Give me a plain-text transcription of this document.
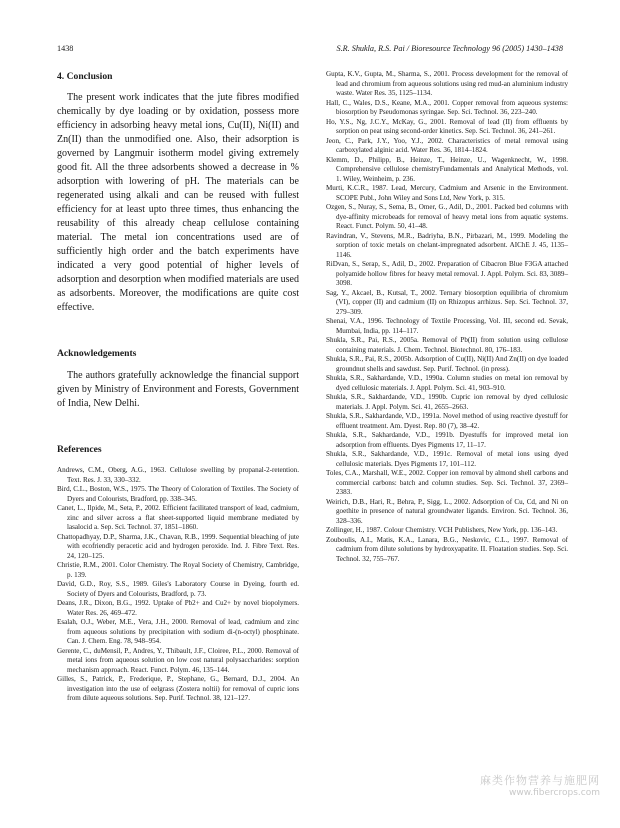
1438	S.R. Shukla, R.S. Pai / Bioresource Technology 96 (2005) 1430–1438
4. Conclusion

The present work indicates that the jute fibres modified chemically by dye loading or by oxidation, possess more efficiency in adsorbing heavy metal ions, Cu(II), Ni(II) and Zn(II) than the unmodified one. Also, their adsorption is governed by Langmuir isotherm model giving extremely good fit. All the three adsorbents showed a decrease in % adsorption with lowering of pH. The materials can be regenerated using alkali and can be reused with fullest efficiency for at least upto three times, thus enhancing the reusability of this already cheap cellulose containing material. The metal ion concentrations used are of sufficiently high order and the batch experiments have indicated a very good potential of higher levels of adsorption and desorption when modified materials are used as adsorbents. Moreover, the modifications are quite cost effective.

Acknowledgements

The authors gratefully acknowledge the financial support given by Ministry of Environment and Forests, Government of India, New Delhi.

References

Andrews, C.M., Oberg, A.G., 1963. Cellulose swelling by propanal-2-retention. Text. Res. J. 33, 330–332.

Bird, C.L., Boston, W.S., 1975. The Theory of Coloration of Textiles. The Society of Dyers and Colourists, Bradford, pp. 338–345.

Canet, L., Ilpide, M., Seta, P., 2002. Efficient facilitated transport of lead, cadmium, zinc and silver across a flat sheet-supported liquid membrane mediated by lasalocid a. Sep. Sci. Technol. 37, 1851–1860.

Chattopadhyay, D.P., Sharma, J.K., Chavan, R.B., 1999. Sequential bleaching of jute with ecofriendly peracetic acid and hydrogen peroxide. Ind. J. Fibre Text. Res. 24, 120–125.

Christie, R.M., 2001. Color Chemistry. The Royal Society of Chemistry, Cambridge, p. 139.

David, G.D., Roy, S.S., 1989. Giles's Laboratory Course in Dyeing, fourth ed. Society of Dyers and Colourists, Bradford, p. 73.

Deans, J.R., Dixon, B.G., 1992. Uptake of Pb2+ and Cu2+ by novel biopolymers. Water Res. 26, 469–472.

Esalah, O.J., Weber, M.E., Vera, J.H., 2000. Removal of lead, cadmium and zinc from aqueous solutions by precipitation with sodium di-(n-octyl) phosphinate. Can. J. Chem. Eng. 78, 948–954.

Gerente, C., duMensil, P., Andres, Y., Thibault, J.F., Cloiree, P.L., 2000. Removal of metal ions from aqueous solution on low cost natural polysaccharides: sorption mechanism approach. React. Funct. Polym. 46, 135–144.

Gilles, S., Patrick, P., Frederique, P., Stephane, G., Bernard, D.J., 2004. An investigation into the use of eelgrass (Zostera noltii) for removal of cupric ions from dilute aqueous solutions. Sep. Purif. Technol. 38, 121–127.

Gupta, K.V., Gupta, M., Sharma, S., 2001. Process development for the removal of lead and chromium from aqueous solutions using red mud-an aluminium industry waste. Water Res. 35, 1125–1134.

Hall, C., Wales, D.S., Keane, M.A., 2001. Copper removal from aqueous systems: biosorption by Pseudomonas syringae. Sep. Sci. Technol. 36, 223–240.

Ho, Y.S., Ng, J.C.Y., McKay, G., 2001. Removal of lead (II) from effluents by sorption on peat using second-order kinetics. Sep. Sci. Technol. 36, 241–261.

Jeon, C., Park, J.Y., Yoo, Y.J., 2002. Characteristics of metal removal using carboxylated alginic acid. Water Res. 36, 1814–1824.

Klemm, D., Philipp, B., Heinze, T., Heinze, U., Wagenknecht, W., 1998. Comprehensive cellulose chemistryFundamentals and Analytical Methods, vol. 1. Wiley, Weinheim, p. 236.

Murti, K.C.R., 1987. Lead, Mercury, Cadmium and Arsenic in the Environment. SCOPE Publ., John Wiley and Sons Ltd, New York, p. 315.

Ozgen, S., Nuray, S., Sema, B., Omer, G., Adil, D., 2001. Packed bed columns with dye-affinity microbeads for removal of heavy metal ions from aquatic systems. React. Funct. Polym. 50, 41–48.

Ravindran, V., Stevens, M.R., Badriyha, B.N., Pirbazari, M., 1999. Modeling the sorption of toxic metals on chelant-impregnated adsorbent. AIChE J. 45, 1135–1146.

RiDvan, S., Serap, S., Adil, D., 2002. Preparation of Cibacron Blue F3GA attached polyamide hollow fibres for heavy metal removal. J. Appl. Polym. Sci. 83, 3089–3098.

Sag, Y., Akcael, B., Kutsal, T., 2002. Ternary biosorption equilibria of chromium (VI), copper (II) and cadmium (II) on Rhizopus arrhizus. Sep. Sci. Technol. 37, 279–309.

Shenai, V.A., 1996. Technology of Textile Processing, Vol. III, second ed. Sevak, Mumbai, India, pp. 114–117.

Shukla, S.R., Pai, R.S., 2005a. Removal of Pb(II) from solution using cellulose containing materials. J. Chem. Technol. Biotechnol. 80, 176–183.

Shukla, S.R., Pai, R.S., 2005b. Adsorption of Cu(II), Ni(II) And Zn(II) on dye loaded groundnut shells and sawdust. Sep. Purif. Technol. (in press).

Shukla, S.R., Sakhardande, V.D., 1990a. Column studies on metal ion removal by dyed cellulosic materials. J. Appl. Polym. Sci. 41, 903–910.

Shukla, S.R., Sakhardande, V.D., 1990b. Cupric ion removal by dyed cellulosic materials. J. Appl. Polym. Sci. 41, 2655–2663.

Shukla, S.R., Sakhardande, V.D., 1991a. Novel method of using reactive dyestuff for effluent treatment. Am. Dyest. Rep. 80 (7), 38–42.

Shukla, S.R., Sakhardande, V.D., 1991b. Dyestuffs for improved metal ion adsorption from effluents. Dyes Pigments 17, 11–17.

Shukla, S.R., Sakhardande, V.D., 1991c. Removal of metal ions using dyed cellulosic materials. Dyes Pigments 17, 101–112.

Toles, C.A., Marshall, W.E., 2002. Copper ion removal by almond shell carbons and commercial carbons: batch and column studies. Sep. Sci. Technol. 37, 2369–2383.

Weirich, D.B., Hari, R., Behra, P., Sigg, L., 2002. Adsorption of Cu, Cd, and Ni on goethite in presence of natural groundwater ligands. Environ. Sci. Technol. 36, 328–336.

Zollinger, H., 1987. Colour Chemistry. VCH Publishers, New York, pp. 136–143.

Zouboulis, A.I., Matis, K.A., Lanara, B.G., Neskovic, C.L., 1997. Removal of cadmium from dilute solutions by hydroxyapatite. II. Floatation studies. Sep. Sci. Technol. 32, 755–767.

麻类作物营养与施肥网
www.fibercrops.com
